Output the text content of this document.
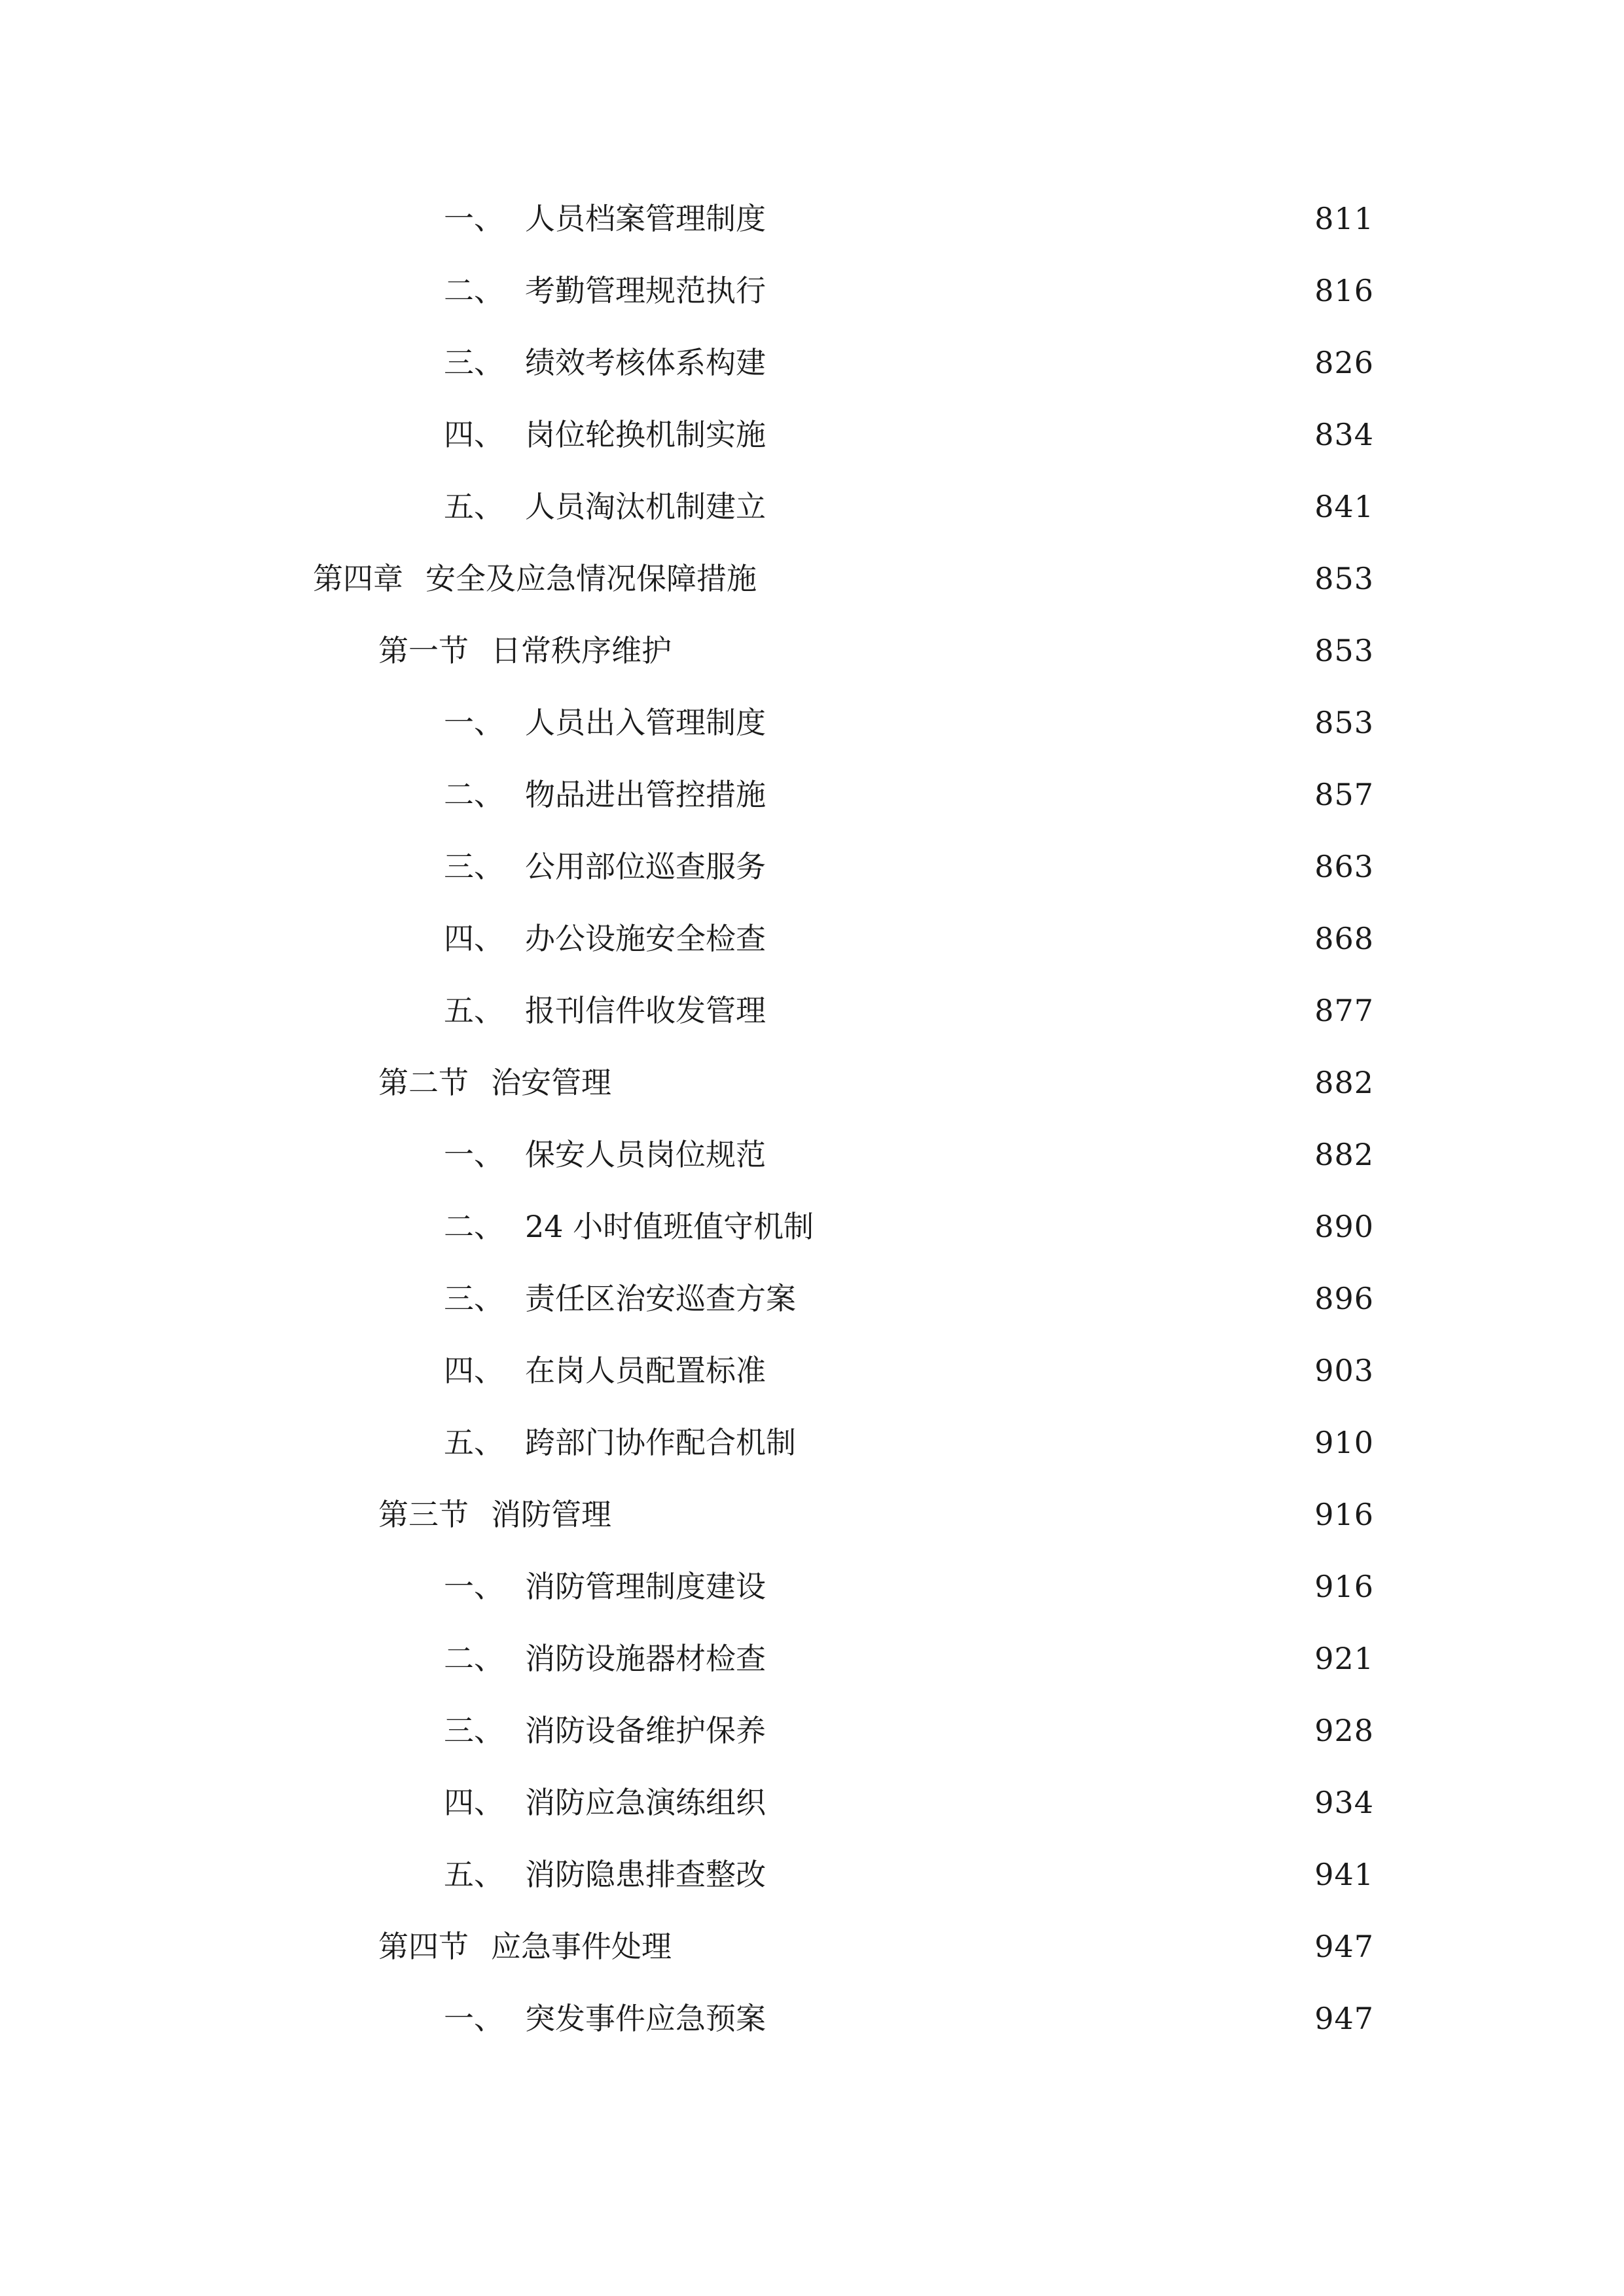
一、 人员档案管理制度	811
二、 考勤管理规范执行	816
三、 绩效考核体系构建	826
四、 岗位轮换机制实施	834
五、 人员淘汰机制建立	841
第四章 安全及应急情况保障措施	853
第一节 日常秩序维护	853
一、 人员出入管理制度	853
二、 物品进出管控措施	857
三、 公用部位巡查服务	863
四、 办公设施安全检查	868
五、 报刊信件收发管理	877
第二节 治安管理	882
一、 保安人员岗位规范	882
二、 24 小时值班值守机制	890
三、 责任区治安巡查方案	896
四、 在岗人员配置标准	903
五、 跨部门协作配合机制	910
第三节 消防管理	916
一、 消防管理制度建设	916
二、 消防设施器材检查	921
三、 消防设备维护保养	928
四、 消防应急演练组织	934
五、 消防隐患排查整改	941
第四节 应急事件处理	947
一、 突发事件应急预案	947
